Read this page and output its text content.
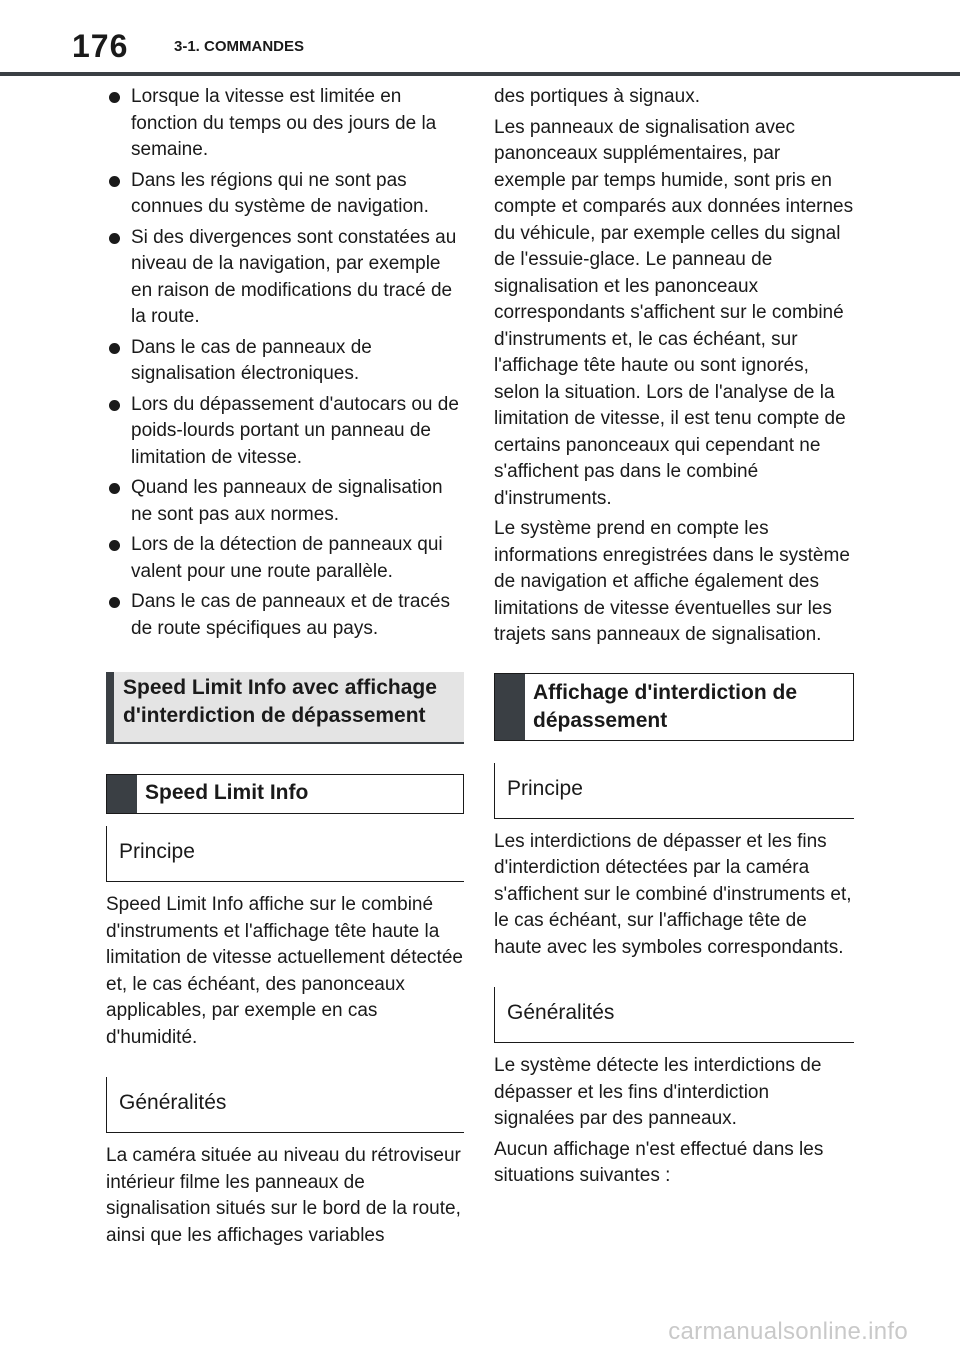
176	3-1. COMMANDES
Lorsque la vitesse est limitée en fonction du temps ou des jours de la semaine.
Dans les régions qui ne sont pas connues du système de navigation.
Si des divergences sont constatées au niveau de la navigation, par exemple en raison de modifications du tracé de la route.
Dans le cas de panneaux de signalisation électroniques.
Lors du dépassement d'autocars ou de poids-lourds portant un panneau de limitation de vitesse.
Quand les panneaux de signalisation ne sont pas aux normes.
Lors de la détection de panneaux qui valent pour une route parallèle.
Dans le cas de panneaux et de tracés de route spécifiques au pays.
Speed Limit Info avec affichage d'interdiction de dépassement
Speed Limit Info
Principe

Speed Limit Info affiche sur le combiné d'instruments et l'affichage tête haute la limitation de vitesse actuellement détectée et, le cas échéant, des panonceaux applicables, par exemple en cas d'humidité.

Généralités

La caméra située au niveau du rétroviseur intérieur filme les panneaux de signalisation situés sur le bord de la route, ainsi que les affichages variables

des portiques à signaux.

Les panneaux de signalisation avec panonceaux supplémentaires, par exemple par temps humide, sont pris en compte et comparés aux données internes du véhicule, par exemple celles du signal de l'essuie-glace. Le panneau de signalisation et les panonceaux correspondants s'affichent sur le combiné d'instruments et, le cas échéant, sur l'affichage tête haute ou sont ignorés, selon la situation. Lors de l'analyse de la limitation de vitesse, il est tenu compte de certains panonceaux qui cependant ne s'affichent pas dans le combiné d'instruments.

Le système prend en compte les informations enregistrées dans le système de navigation et affiche également des limitations de vitesse éventuelles sur les trajets sans panneaux de signalisation.

Affichage d'interdiction de dépassement
Principe

Les interdictions de dépasser et les fins d'interdiction détectées par la caméra s'affichent sur le combiné d'instruments et, le cas échéant, sur l'affichage tête de haute avec les symboles correspondants.

Généralités

Le système détecte les interdictions de dépasser et les fins d'interdiction signalées par des panneaux.

Aucun affichage n'est effectué dans les situations suivantes :

carmanualsonline.info
